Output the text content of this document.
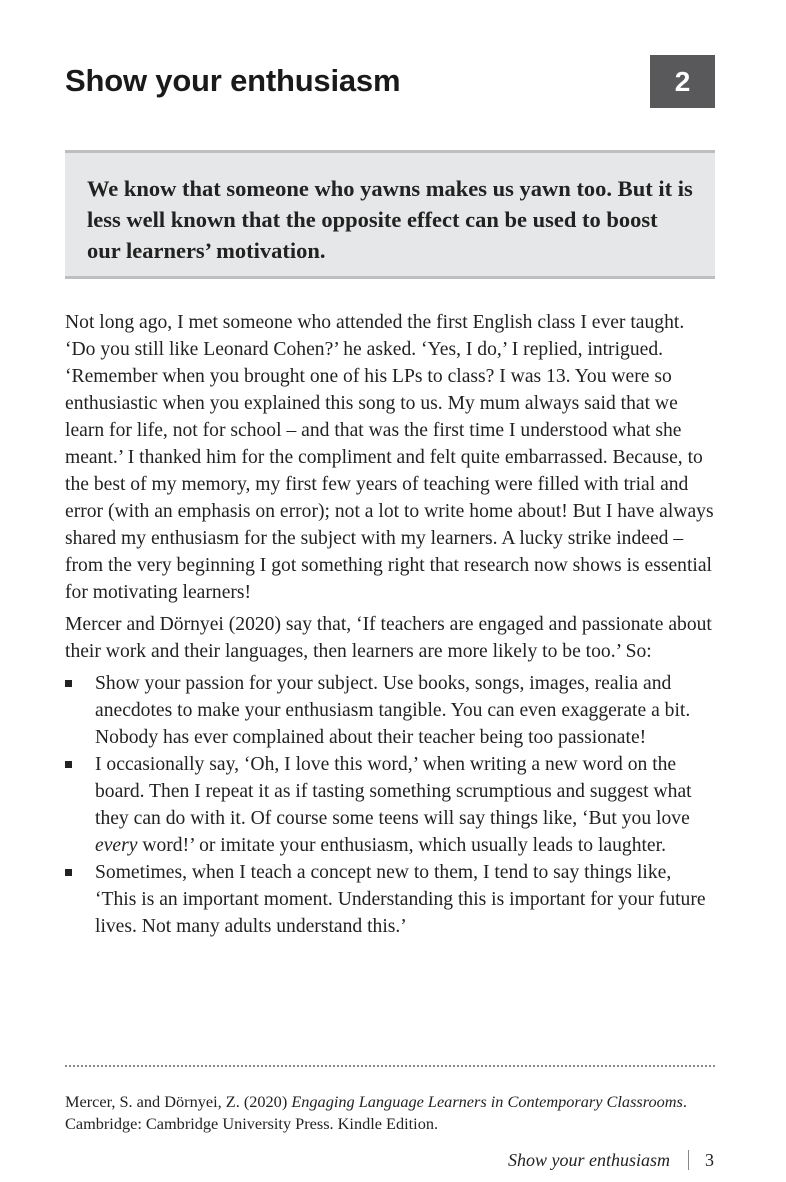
Show your enthusiasm	2

We know that someone who yawns makes us yawn too. But it is less well known that the opposite effect can be used to boost our learners’ motivation.

Not long ago, I met someone who attended the first English class I ever taught. ‘Do you still like Leonard Cohen?’ he asked. ‘Yes, I do,’ I replied, intrigued. ‘Remember when you brought one of his LPs to class? I was 13. You were so enthusiastic when you explained this song to us. My mum always said that we learn for life, not for school – and that was the first time I understood what she meant.’ I thanked him for the compliment and felt quite embarrassed. Because, to the best of my memory, my first few years of teaching were filled with trial and error (with an emphasis on error); not a lot to write home about! But I have always shared my enthusiasm for the subject with my learners. A lucky strike indeed – from the very beginning I got something right that research now shows is essential for motivating learners!

Mercer and Dörnyei (2020) say that, ‘If teachers are engaged and passionate about their work and their languages, then learners are more likely to be too.’ So:

Show your passion for your subject. Use books, songs, images, realia and anecdotes to make your enthusiasm tangible. You can even exaggerate a bit. Nobody has ever complained about their teacher being too passionate!
I occasionally say, ‘Oh, I love this word,’ when writing a new word on the board. Then I repeat it as if tasting something scrumptious and suggest what they can do with it. Of course some teens will say things like, ‘But you love every word!’ or imitate your enthusiasm, which usually leads to laughter.
Sometimes, when I teach a concept new to them, I tend to say things like, ‘This is an important moment. Understanding this is important for your future lives. Not many adults understand this.’
Mercer, S. and Dörnyei, Z. (2020) Engaging Language Learners in Contemporary Classrooms. Cambridge: Cambridge University Press. Kindle Edition.
Show your enthusiasm 3
